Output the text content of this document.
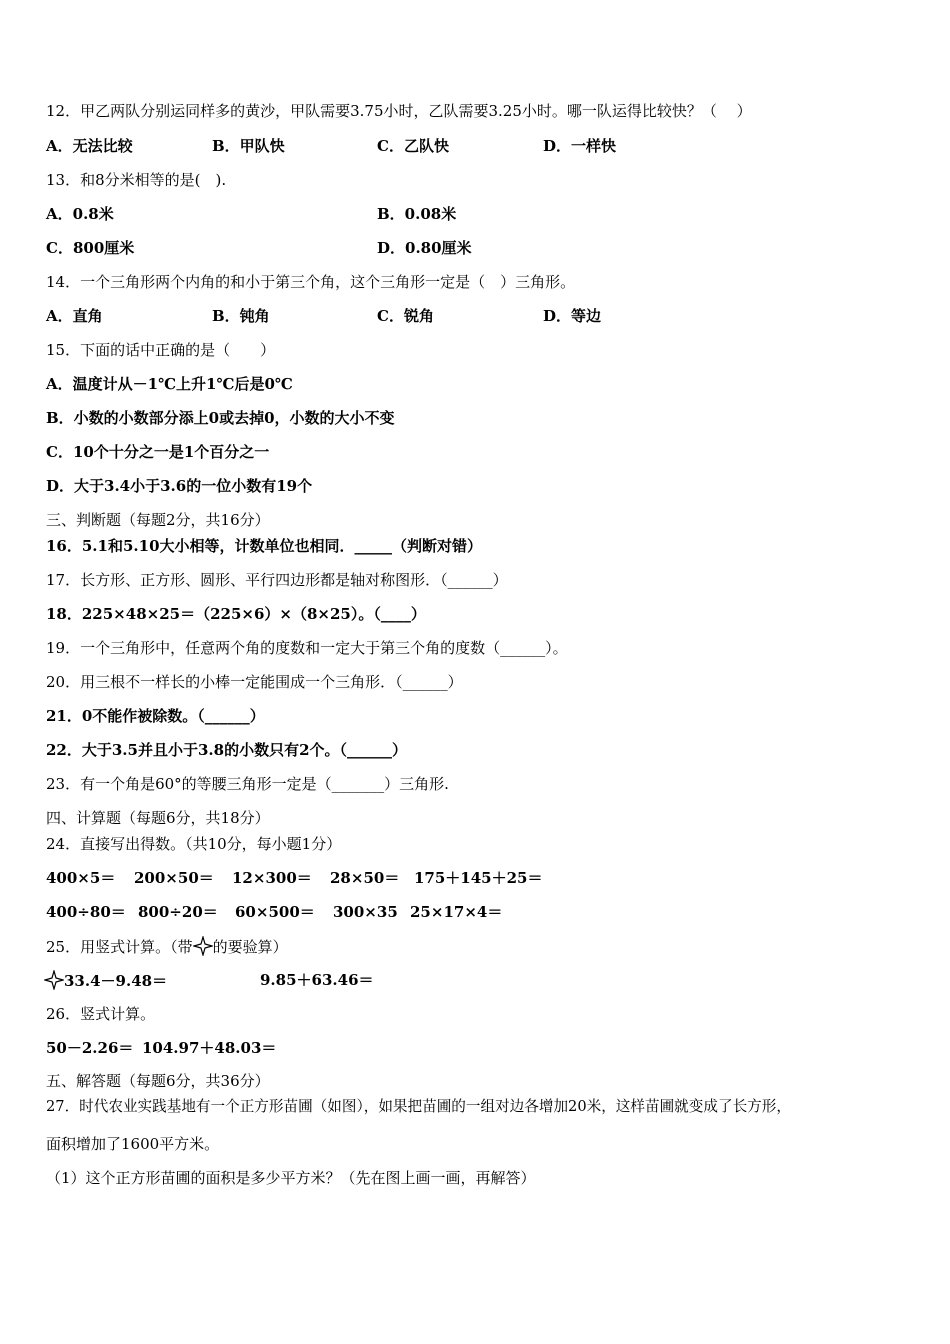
12．甲乙两队分别运同样多的黄沙，甲队需要3.75小时，乙队需要3.25小时。哪一队运得比较快？（　 ）
A．无法比较	B．甲队快	C．乙队快	D．一样快
13．和8分米相等的是(　).
A．0.8米	B．0.08米
C．800厘米	D．0.80厘米
14．一个三角形两个内角的和小于第三个角，这个三角形一定是（　）三角形。
A．直角	B．钝角	C．锐角	D．等边
15．下面的话中正确的是（　　）
A．温度计从－1℃上升1℃后是0℃
B．小数的小数部分添上0或去掉0，小数的大小不变
C．10个十分之一是1个百分之一
D．大于3.4小于3.6的一位小数有19个
三、判断题（每题2分，共16分）
16．5.1和5.10大小相等，计数单位也相同．_____（判断对错）
17．长方形、正方形、圆形、平行四边形都是轴对称图形．（______）
18．225×48×25＝（225×6）×（8×25）。（____）
19．一个三角形中，任意两个角的度数和一定大于第三个角的度数（______）。
20．用三根不一样长的小棒一定能围成一个三角形．（______）
21．0不能作被除数。（______）
22．大于3.5并且小于3.8的小数只有2个。（______）
23．有一个角是60°的等腰三角形一定是（_______）三角形.
四、计算题（每题6分，共18分）
24．直接写出得数。（共10分，每小题1分）
400×5＝ 200×50＝ 12×300＝ 28×50＝ 175＋145＋25＝
400÷80＝ 800÷20＝ 60×500＝ 300×35 25×17×4＝
25．用竖式计算。（带 的要验算）
33.4－9.48＝	9.85＋63.46＝
26．竖式计算。
50－2.26＝ 104.97＋48.03＝
五、解答题（每题6分，共36分）
27．时代农业实践基地有一个正方形苗圃（如图），如果把苗圃的一组对边各增加20米，这样苗圃就变成了长方形，
面积增加了1600平方米。
（1）这个正方形苗圃的面积是多少平方米？（先在图上画一画，再解答）
